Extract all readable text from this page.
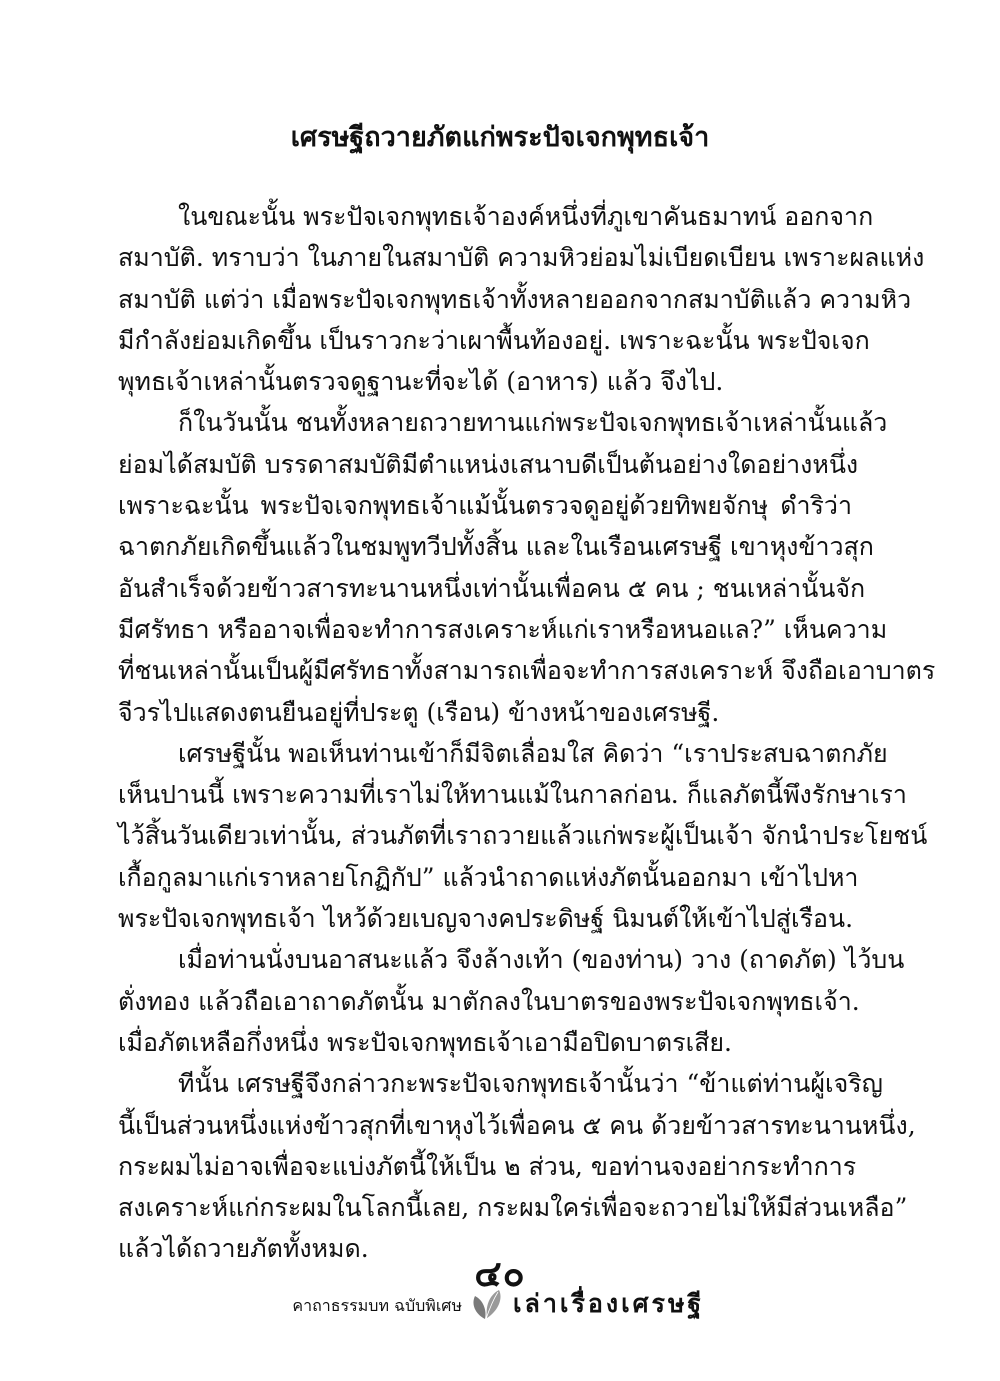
เศรษฐีถวายภัตแก่พระปัจเจกพุทธเจ้า
ในขณะนั้น พระปัจเจกพุทธเจ้าองค์หนึ่งที่ภูเขาคันธมาทน์ ออกจาก
สมาบัติ. ทราบว่า ในภายในสมาบัติ ความหิวย่อมไม่เบียดเบียน เพราะผลแห่ง
สมาบัติ แต่ว่า เมื่อพระปัจเจกพุทธเจ้าทั้งหลายออกจากสมาบัติแล้ว ความหิว
มีกำลังย่อมเกิดขึ้น เป็นราวกะว่าเผาพื้นท้องอยู่. เพราะฉะนั้น พระปัจเจก
พุทธเจ้าเหล่านั้นตรวจดูฐานะที่จะได้ (อาหาร) แล้ว จึงไป.
ก็ในวันนั้น ชนทั้งหลายถวายทานแก่พระปัจเจกพุทธเจ้าเหล่านั้นแล้ว
ย่อมได้สมบัติ บรรดาสมบัติมีตำแหน่งเสนาบดีเป็นต้นอย่างใดอย่างหนึ่ง
เพราะฉะนั้น พระปัจเจกพุทธเจ้าแม้นั้นตรวจดูอยู่ด้วยทิพยจักษุ ดำริว่า
ฉาตกภัยเกิดขึ้นแล้วในชมพูทวีปทั้งสิ้น และในเรือนเศรษฐี เขาหุงข้าวสุก
อันสำเร็จด้วยข้าวสารทะนานหนึ่งเท่านั้นเพื่อคน ๕ คน ; ชนเหล่านั้นจัก
มีศรัทธา หรืออาจเพื่อจะทำการสงเคราะห์แก่เราหรือหนอแล?” เห็นความ
ที่ชนเหล่านั้นเป็นผู้มีศรัทธาทั้งสามารถเพื่อจะทำการสงเคราะห์ จึงถือเอาบาตร
จีวรไปแสดงตนยืนอยู่ที่ประตู (เรือน) ข้างหน้าของเศรษฐี.
เศรษฐีนั้น พอเห็นท่านเข้าก็มีจิตเลื่อมใส คิดว่า “เราประสบฉาตกภัย
เห็นปานนี้ เพราะความที่เราไม่ให้ทานแม้ในกาลก่อน. ก็แลภัตนี้พึงรักษาเรา
ไว้สิ้นวันเดียวเท่านั้น, ส่วนภัตที่เราถวายแล้วแก่พระผู้เป็นเจ้า จักนำประโยชน์
เกื้อกูลมาแก่เราหลายโกฏิกัป” แล้วนำถาดแห่งภัตนั้นออกมา เข้าไปหา
พระปัจเจกพุทธเจ้า ไหว้ด้วยเบญจางคประดิษฐ์ นิมนต์ให้เข้าไปสู่เรือน.
เมื่อท่านนั่งบนอาสนะแล้ว จึงล้างเท้า (ของท่าน) วาง (ถาดภัต) ไว้บน
ตั่งทอง แล้วถือเอาถาดภัตนั้น มาตักลงในบาตรของพระปัจเจกพุทธเจ้า.
เมื่อภัตเหลือกึ่งหนึ่ง พระปัจเจกพุทธเจ้าเอามือปิดบาตรเสีย.
ทีนั้น เศรษฐีจึงกล่าวกะพระปัจเจกพุทธเจ้านั้นว่า “ข้าแต่ท่านผู้เจริญ
นี้เป็นส่วนหนึ่งแห่งข้าวสุกที่เขาหุงไว้เพื่อคน ๕ คน ด้วยข้าวสารทะนานหนึ่ง,
กระผมไม่อาจเพื่อจะแบ่งภัตนี้ให้เป็น ๒ ส่วน, ขอท่านจงอย่ากระทำการ
สงเคราะห์แก่กระผมในโลกนี้เลย, กระผมใคร่เพื่อจะถวายไม่ให้มีส่วนเหลือ”
แล้วได้ถวายภัตทั้งหมด.
๔๐
คาถาธรรมบท ฉบับพิเศษ เล่าเรื่องเศรษฐี
